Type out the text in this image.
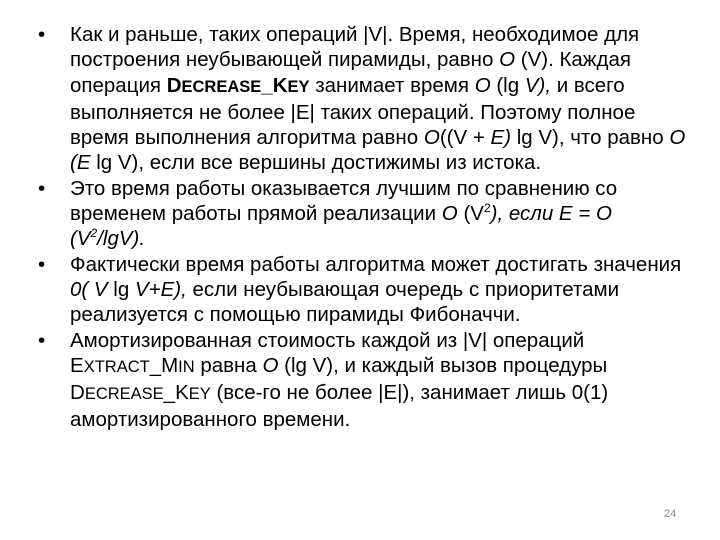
• Как и раньше, таких операций |V|. Время, необходимое для построения неубывающей пирамиды, равно O (V). Каждая операция DECREASE_KEY занимает время O (lg V), и всего выполняется не более |E| таких операций. Поэтому полное время выполнения алгоритма равно O((V + E) lg V), что равно O (E lg V), если все вершины достижимы из истока.
• Это время работы оказывается лучшим по сравнению со временем работы прямой реализации O $(V^2)$, если E = O $(V^2/\lg V)$.
• Фактически время работы алгоритма может достигать значения 0( V lg V+E), если неубывающая очередь с приоритетами реализуется с помощью пирамиды Фибоначчи.
• Амортизированная стоимость каждой из |V| операций EXTRACT_MIN равна O (lg V), и каждый вызов процедуры DECREASE_KEY (все-го не более |E|), занимает лишь 0(1) амортизированного времени.
24
